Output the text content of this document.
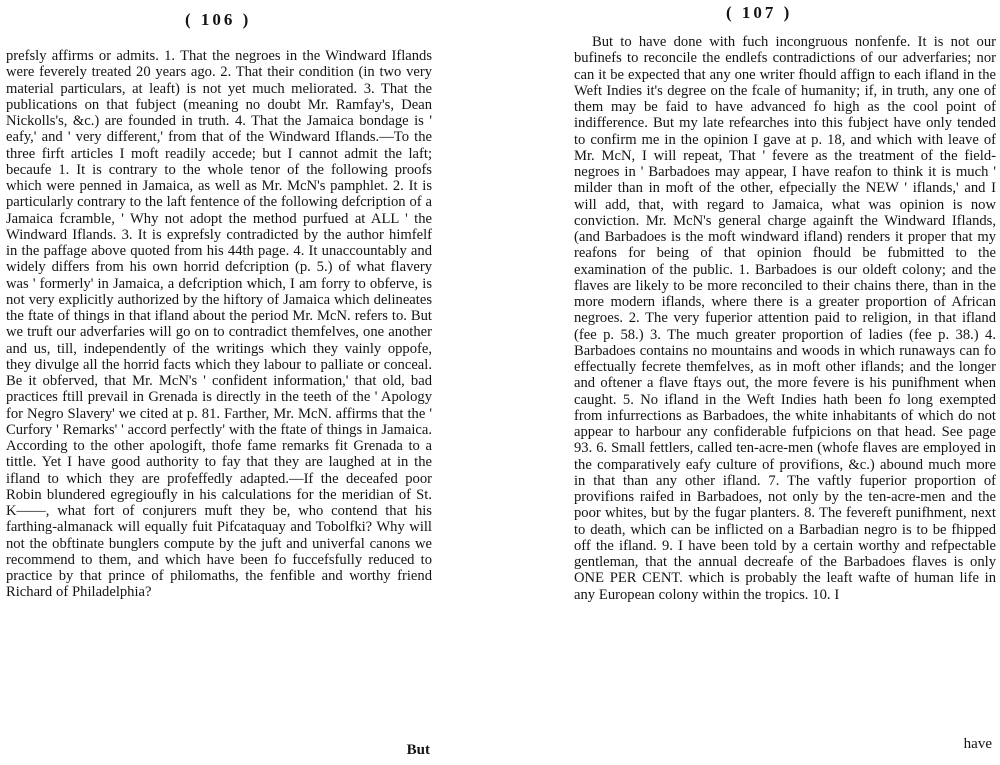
( 106 )

prefsly affirms or admits. 1. That the negroes in the Windward Iflands were feverely treated 20 years ago. 2. That their condition (in two very material particulars, at leaft) is not yet much meliorated. 3. That the publications on that fubject (meaning no doubt Mr. Ramfay's, Dean Nickolls's, &c.) are founded in truth. 4. That the Jamaica bondage is ' eafy,' and ' very different,' from that of the Windward Iflands.—To the three firft articles I moft readily accede; but I cannot admit the laft; becaufe 1. It is contrary to the whole tenor of the following proofs which were penned in Jamaica, as well as Mr. McN's pamphlet. 2. It is particularly contrary to the laft fentence of the following defcription of a Jamaica fcramble, ' Why not adopt the method purfued at ALL ' the Windward Iflands. 3. It is exprefsly contradicted by the author himfelf in the paffage above quoted from his 44th page. 4. It unaccountably and widely differs from his own horrid defcription (p. 5.) of what flavery was ' formerly' in Jamaica, a defcription which, I am forry to obferve, is not very explicitly authorized by the hiftory of Jamaica which delineates the ftate of things in that ifland about the period Mr. McN. refers to. But we truft our adverfaries will go on to contradict themfelves, one another and us, till, independently of the writings which they vainly oppofe, they divulge all the horrid facts which they labour to palliate or conceal. Be it obferved, that Mr. McN's ' confident information,' that old, bad practices ftill prevail in Grenada is directly in the teeth of the ' Apology for Negro Slavery' we cited at p. 81. Farther, Mr. McN. affirms that the ' Curfory ' Remarks' ' accord perfectly' with the ftate of things in Jamaica. According to the other apologift, thofe fame remarks fit Grenada to a tittle. Yet I have good authority to fay that they are laughed at in the ifland to which they are profeffedly adapted.—If the deceafed poor Robin blundered egregioufly in his calculations for the meridian of St. K——, what fort of conjurers muft they be, who contend that his farthing-almanack will equally fuit Pifcataquay and Tobolfki? Why will not the obftinate bunglers compute by the juft and univerfal canons we recommend to them, and which have been fo fuccefsfully reduced to practice by that prince of philomaths, the fenfible and worthy friend Richard of Philadelphia?

But
( 107 )

But to have done with fuch incongruous nonfenfe. It is not our bufinefs to reconcile the endlefs contradictions of our adverfaries; nor can it be expected that any one writer fhould affign to each ifland in the Weft Indies it's degree on the fcale of humanity; if, in truth, any one of them may be faid to have advanced fo high as the cool point of indifference. But my late refearches into this fubject have only tended to confirm me in the opinion I gave at p. 18, and which with leave of Mr. McN, I will repeat, That ' fevere as the treatment of the field-negroes in ' Barbadoes may appear, I have reafon to think it is much ' milder than in moft of the other, efpecially the NEW ' iflands,' and I will add, that, with regard to Jamaica, what was opinion is now conviction. Mr. McN's general charge againft the Windward Iflands, (and Barbadoes is the moft windward ifland) renders it proper that my reafons for being of that opinion fhould be fubmitted to the examination of the public. 1. Barbadoes is our oldeft colony; and the flaves are likely to be more reconciled to their chains there, than in the more modern iflands, where there is a greater proportion of African negroes. 2. The very fuperior attention paid to religion, in that ifland (fee p. 58.) 3. The much greater proportion of ladies (fee p. 38.) 4. Barbadoes contains no mountains and woods in which runaways can fo effectually fecrete themfelves, as in moft other iflands; and the longer and oftener a flave ftays out, the more fevere is his punifhment when caught. 5. No ifland in the Weft Indies hath been fo long exempted from infurrections as Barbadoes, the white inhabitants of which do not appear to harbour any confiderable fufpicions on that head. See page 93. 6. Small fettlers, called ten-acre-men (whofe flaves are employed in the comparatively eafy culture of provifions, &c.) abound much more in that than any other ifland. 7. The vaftly fuperior proportion of provifions raifed in Barbadoes, not only by the ten-acre-men and the poor whites, but by the fugar planters. 8. The fevereft punifhment, next to death, which can be inflicted on a Barbadian negro is to be fhipped off the ifland. 9. I have been told by a certain worthy and refpectable gentleman, that the annual decreafe of the Barbadoes flaves is only ONE PER CENT. which is probably the leaft wafte of human life in any European colony within the tropics. 10. I

have
